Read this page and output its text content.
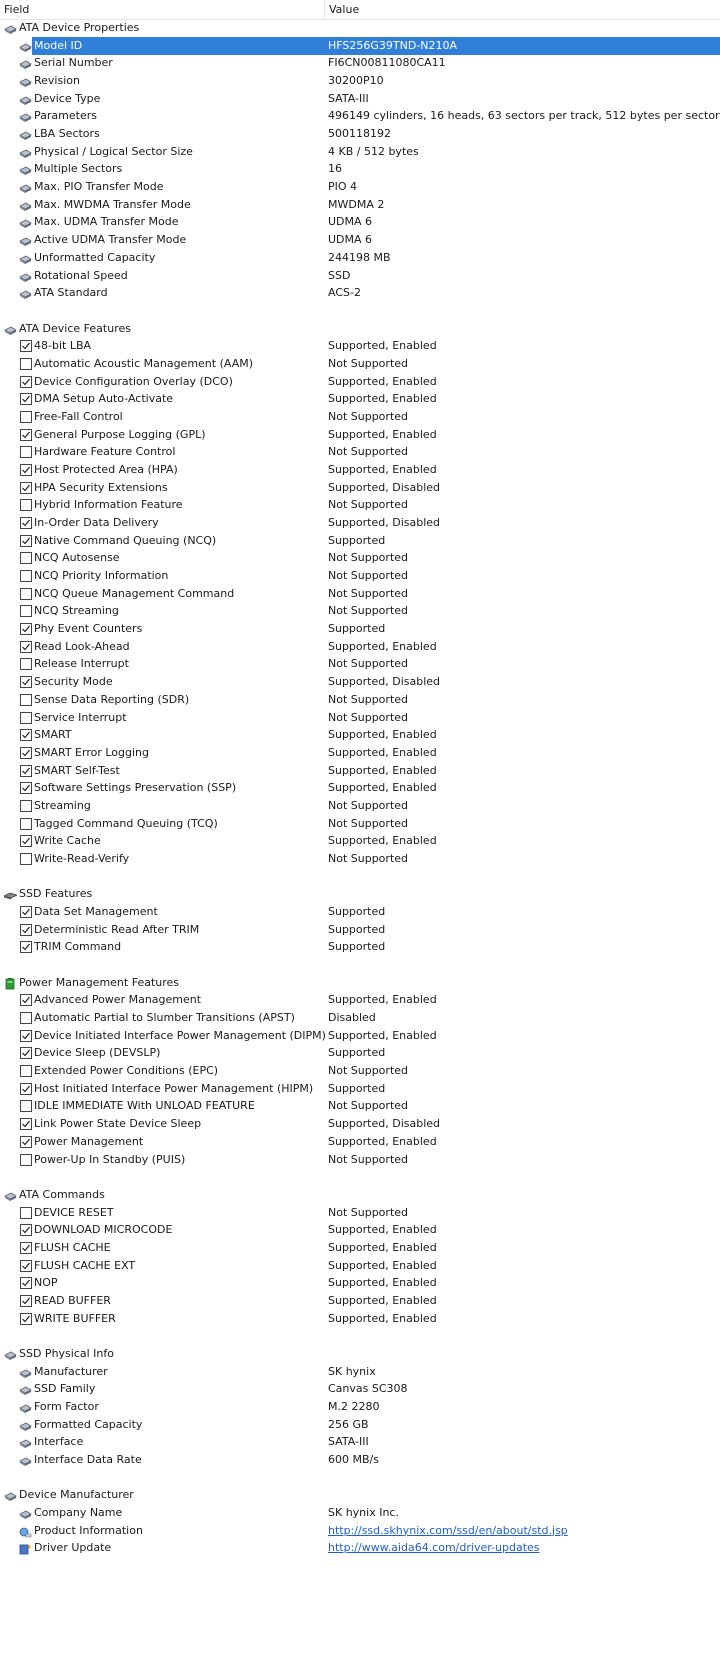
Field	Value
ATA Device Properties
Model ID	HFS256G39TND-N210A
Serial Number	FI6CN00811080CA11
Revision	30200P10
Device Type	SATA-III
Parameters	496149 cylinders, 16 heads, 63 sectors per track, 512 bytes per sector
LBA Sectors	500118192
Physical / Logical Sector Size	4 KB / 512 bytes
Multiple Sectors	16
Max. PIO Transfer Mode	PIO 4
Max. MWDMA Transfer Mode	MWDMA 2
Max. UDMA Transfer Mode	UDMA 6
Active UDMA Transfer Mode	UDMA 6
Unformatted Capacity	244198 MB
Rotational Speed	SSD
ATA Standard	ACS-2
ATA Device Features
48-bit LBA	Supported, Enabled
Automatic Acoustic Management (AAM)	Not Supported
Device Configuration Overlay (DCO)	Supported, Enabled
DMA Setup Auto-Activate	Supported, Enabled
Free-Fall Control	Not Supported
General Purpose Logging (GPL)	Supported, Enabled
Hardware Feature Control	Not Supported
Host Protected Area (HPA)	Supported, Enabled
HPA Security Extensions	Supported, Disabled
Hybrid Information Feature	Not Supported
In-Order Data Delivery	Supported, Disabled
Native Command Queuing (NCQ)	Supported
NCQ Autosense	Not Supported
NCQ Priority Information	Not Supported
NCQ Queue Management Command	Not Supported
NCQ Streaming	Not Supported
Phy Event Counters	Supported
Read Look-Ahead	Supported, Enabled
Release Interrupt	Not Supported
Security Mode	Supported, Disabled
Sense Data Reporting (SDR)	Not Supported
Service Interrupt	Not Supported
SMART	Supported, Enabled
SMART Error Logging	Supported, Enabled
SMART Self-Test	Supported, Enabled
Software Settings Preservation (SSP)	Supported, Enabled
Streaming	Not Supported
Tagged Command Queuing (TCQ)	Not Supported
Write Cache	Supported, Enabled
Write-Read-Verify	Not Supported
SSD Features
Data Set Management	Supported
Deterministic Read After TRIM	Supported
TRIM Command	Supported
Power Management Features
Advanced Power Management	Supported, Enabled
Automatic Partial to Slumber Transitions (APST)	Disabled
Device Initiated Interface Power Management (DIPM) Supported, Enabled
Device Sleep (DEVSLP)	Supported
Extended Power Conditions (EPC)	Not Supported
Host Initiated Interface Power Management (HIPM) Supported
IDLE IMMEDIATE With UNLOAD FEATURE	Not Supported
Link Power State Device Sleep	Supported, Disabled
Power Management	Supported, Enabled
Power-Up In Standby (PUIS)	Not Supported
ATA Commands
DEVICE RESET	Not Supported
DOWNLOAD MICROCODE	Supported, Enabled
FLUSH CACHE	Supported, Enabled
FLUSH CACHE EXT	Supported, Enabled
NOP	Supported, Enabled
READ BUFFER	Supported, Enabled
WRITE BUFFER	Supported, Enabled
SSD Physical Info
Manufacturer	SK hynix
SSD Family	Canvas SC308
Form Factor	M.2 2280
Formatted Capacity	256 GB
Interface	SATA-III
Interface Data Rate	600 MB/s
Device Manufacturer
Company Name	SK hynix Inc.
Product Information	http://ssd.skhynix.com/ssd/en/about/std.jsp
Driver Update	http://www.aida64.com/driver-updates
